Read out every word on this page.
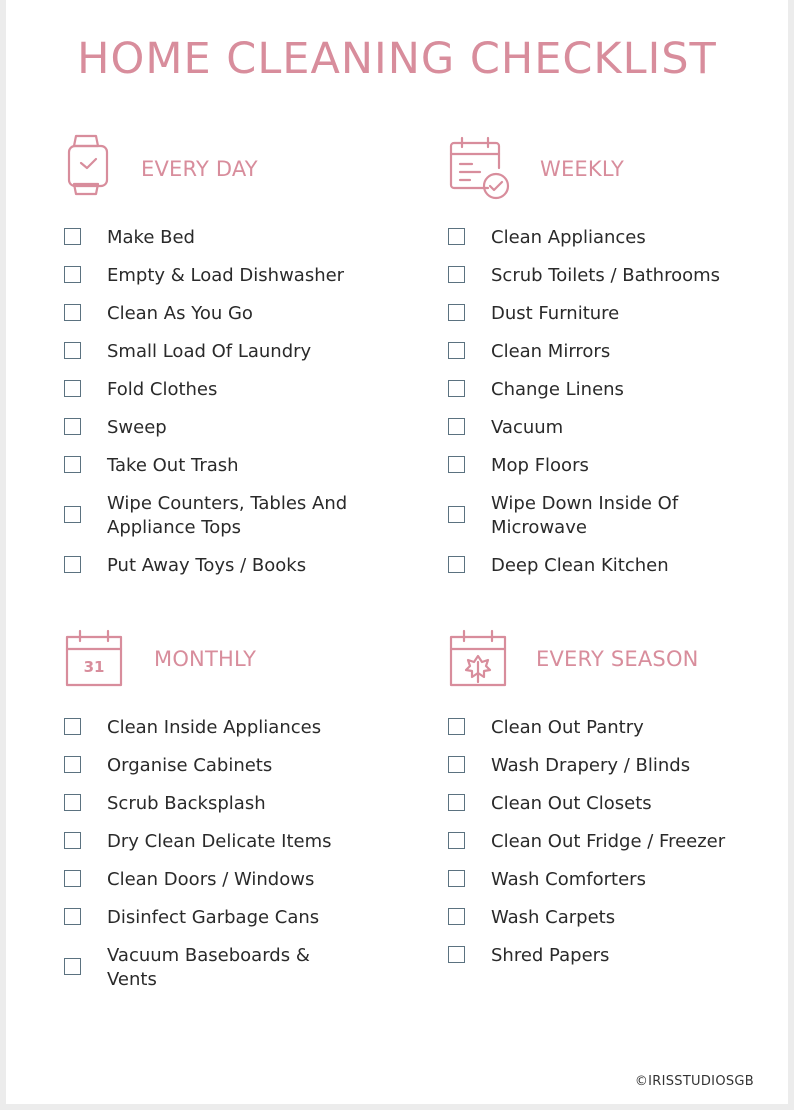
HOME CLEANING CHECKLIST
EVERY DAY
Make Bed
Empty & Load Dishwasher
Clean As You Go
Small Load Of Laundry
Fold Clothes
Sweep
Take Out Trash
Wipe Counters, Tables And Appliance Tops
Put Away Toys / Books
WEEKLY
Clean Appliances
Scrub Toilets / Bathrooms
Dust Furniture
Clean Mirrors
Change Linens
Vacuum
Mop Floors
Wipe Down Inside Of Microwave
Deep Clean Kitchen
31 MONTHLY
Clean Inside Appliances
Organise Cabinets
Scrub Backsplash
Dry Clean Delicate Items
Clean Doors / Windows
Disinfect Garbage Cans
Vacuum Baseboards & Vents
EVERY SEASON
Clean Out Pantry
Wash Drapery / Blinds
Clean Out Closets
Clean Out Fridge / Freezer
Wash Comforters
Wash Carpets
Shred Papers
©IRISSTUDIOSGB
